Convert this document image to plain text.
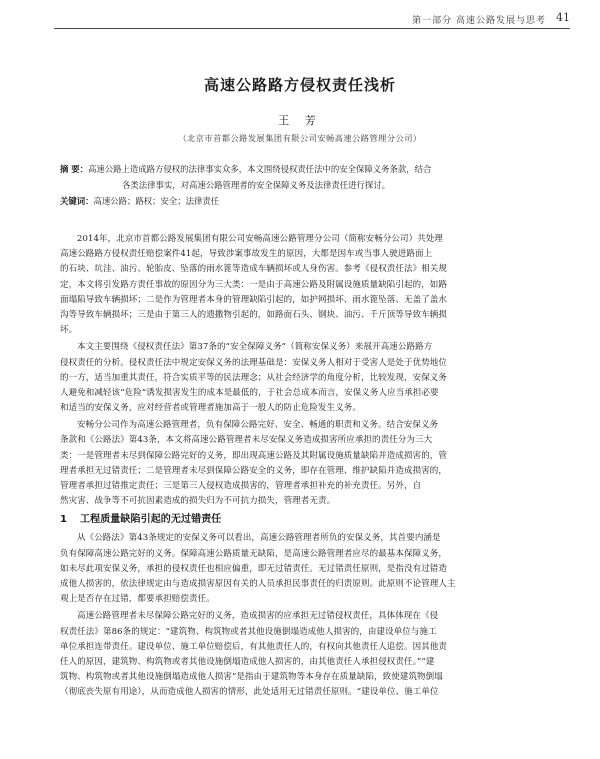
第一部分 高速公路发展与思考 41
高速公路路方侵权责任浅析
王 芳
（北京市首都公路发展集团有限公司安畅高速公路管理分公司）
摘 要：高速公路上造成路方侵权的法律事实众多，本文围绕侵权责任法中的安全保障义务条款，结合
各类法律事实，对高速公路管理者的安全保障义务及法律责任进行探讨。
关键词：高速公路；路权；安全；法律责任
2014年，北京市首都公路发展集团有限公司安畅高速公路管理分公司（简称安畅分公司）共处理
高速公路路方侵权责任赔偿案件41起，导致涉案事故发生的原因，大都是因车或当事人驶进路面上
的石块、坑洼、油污、轮胎皮、坠落的雨水篦等造成车辆损坏或人身伤害。参考《侵权责任法》相关规
定，本文将引发路方责任事故的原因分为三大类：一是由于高速公路及附属设施质量缺陷引起的，如路
面塌陷导致车辆损坏；二是作为管理者本身的管理缺陷引起的，如护网损坏、雨水篦坠落、无盖了盖水
沟等导致车辆损坏；三是由于第三人的遗撒物引起的，如路面石头、钢块、油污、千斤顶等导致车辆损
坏。
本文主要围绕《侵权责任法》第37条的“安全保障义务”（简称安保义务）来展开高速公路路方
侵权责任的分析。侵权责任法中规定安保义务的法理基础是：安保义务人相对于受害人是处于优势地位
的一方，适当加重其责任，符合实质平等的民法理念；从社会经济学的角度分析，比较发现，安保义务
人避免和减轻该“危险”诱发损害发生的成本是最低的，于社会总成本而言，安保义务人应当承担必要
和适当的安保义务，应对经营者或管理者施加高于一般人的防止危险发生义务。
安畅分公司作为高速公路管理者，负有保障公路完好、安全、畅通的职责和义务。结合安保义务
条款和《公路法》第43条，本文将高速公路管理者未尽安保义务造成损害所应承担的责任分为三大
类：一是管理者未尽到保障公路完好的义务，即出现高速公路及其附属设施质量缺陷并造成损害的，管
理者承担无过错责任；二是管理者未尽到保障公路安全的义务，即存在管理、维护缺陷并造成损害的，
管理者承担过错推定责任；三是第三人侵权造成损害的，管理者承担补充的补充责任。另外，自
然灾害、战争等不可抗因素造成的损失归为不可抗力损失，管理者无责。
1 工程质量缺陷引起的无过错责任
从《公路法》第43条规定的安保义务可以看出，高速公路管理者所负的安保义务，其首要内涵是
负有保障高速公路完好的义务。保障高速公路质量无缺陷，是高速公路管理者应尽的最基本保障义务，
如未尽此项安保义务，承担的侵权责任也相应偏重，即无过错责任。无过错责任原则，是指没有过错造
成他人损害的，依法律规定由与造成损害原因有关的人员承担民事责任的归责原则。此原则不论管理人主
观上是否存在过错，都要承担赔偿责任。
高速公路管理者未尽保障公路完好的义务，造成损害的应承担无过错侵权责任，具体体现在《侵
权责任法》第86条的规定：“建筑物、构筑物或者其他设施倒塌造成他人损害的，由建设单位与施工
单位承担连带责任。建设单位、施工单位赔偿后，有其他责任人的，有权向其他责任人追偿。因其他责
任人的原因，建筑物、构筑物或者其他设施倒塌造成他人损害的，由其他责任人承担侵权责任。”“建
筑物、构筑物或者其他设施倒塌造成他人损害”是指由于建筑物等本身存在质量缺陷，致使建筑物倒塌
（彻底丧失原有用途），从而造成他人损害的情形，此处适用无过错责任原则。“建设单位、施工单位
